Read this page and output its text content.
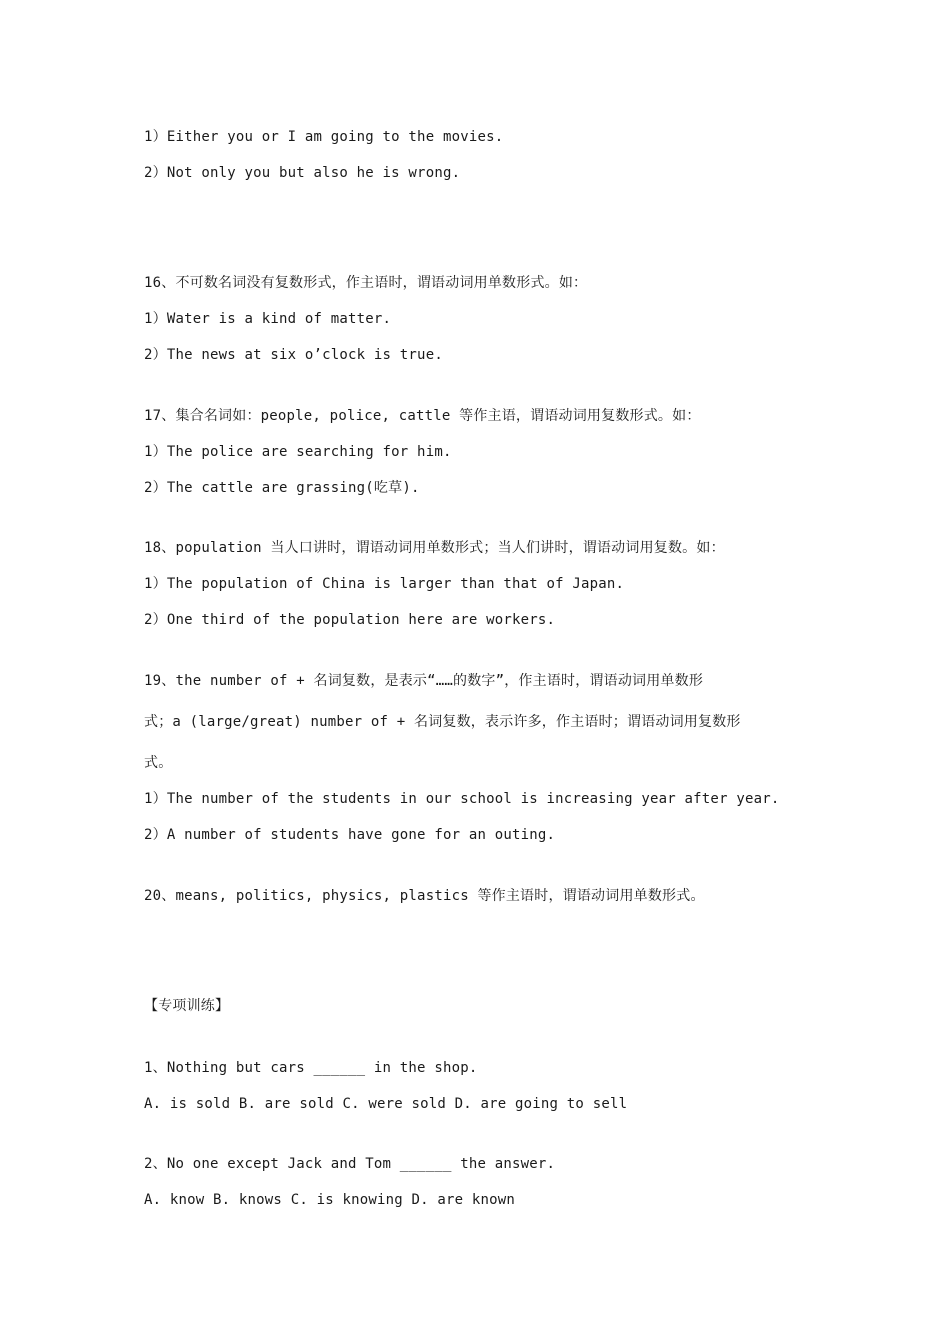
1）Either you or I am going to the movies.
2）Not only you but also he is wrong.
16、不可数名词没有复数形式，作主语时，谓语动词用单数形式。如：
1）Water is a kind of matter.
2）The news at six o’clock is true.
17、集合名词如：people, police, cattle 等作主语，谓语动词用复数形式。如：
1）The police are searching for him.
2）The cattle are grassing(吃草).
18、population 当人口讲时，谓语动词用单数形式；当人们讲时，谓语动词用复数。如：
1）The population of China is larger than that of Japan.
2）One third of the population here are workers.
19、the number of + 名词复数，是表示“……的数字”，作主语时，谓语动词用单数形
式；a (large/great) number of + 名词复数，表示许多，作主语时；谓语动词用复数形
式。
1）The number of the students in our school is increasing year after year.
2）A number of students have gone for an outing.
20、means, politics, physics, plastics 等作主语时，谓语动词用单数形式。
【专项训练】
1、Nothing but cars ______ in the shop.
A. is sold B. are sold C. were sold D. are going to sell
2、No one except Jack and Tom ______ the answer.
A. know B. knows C. is knowing D. are known
